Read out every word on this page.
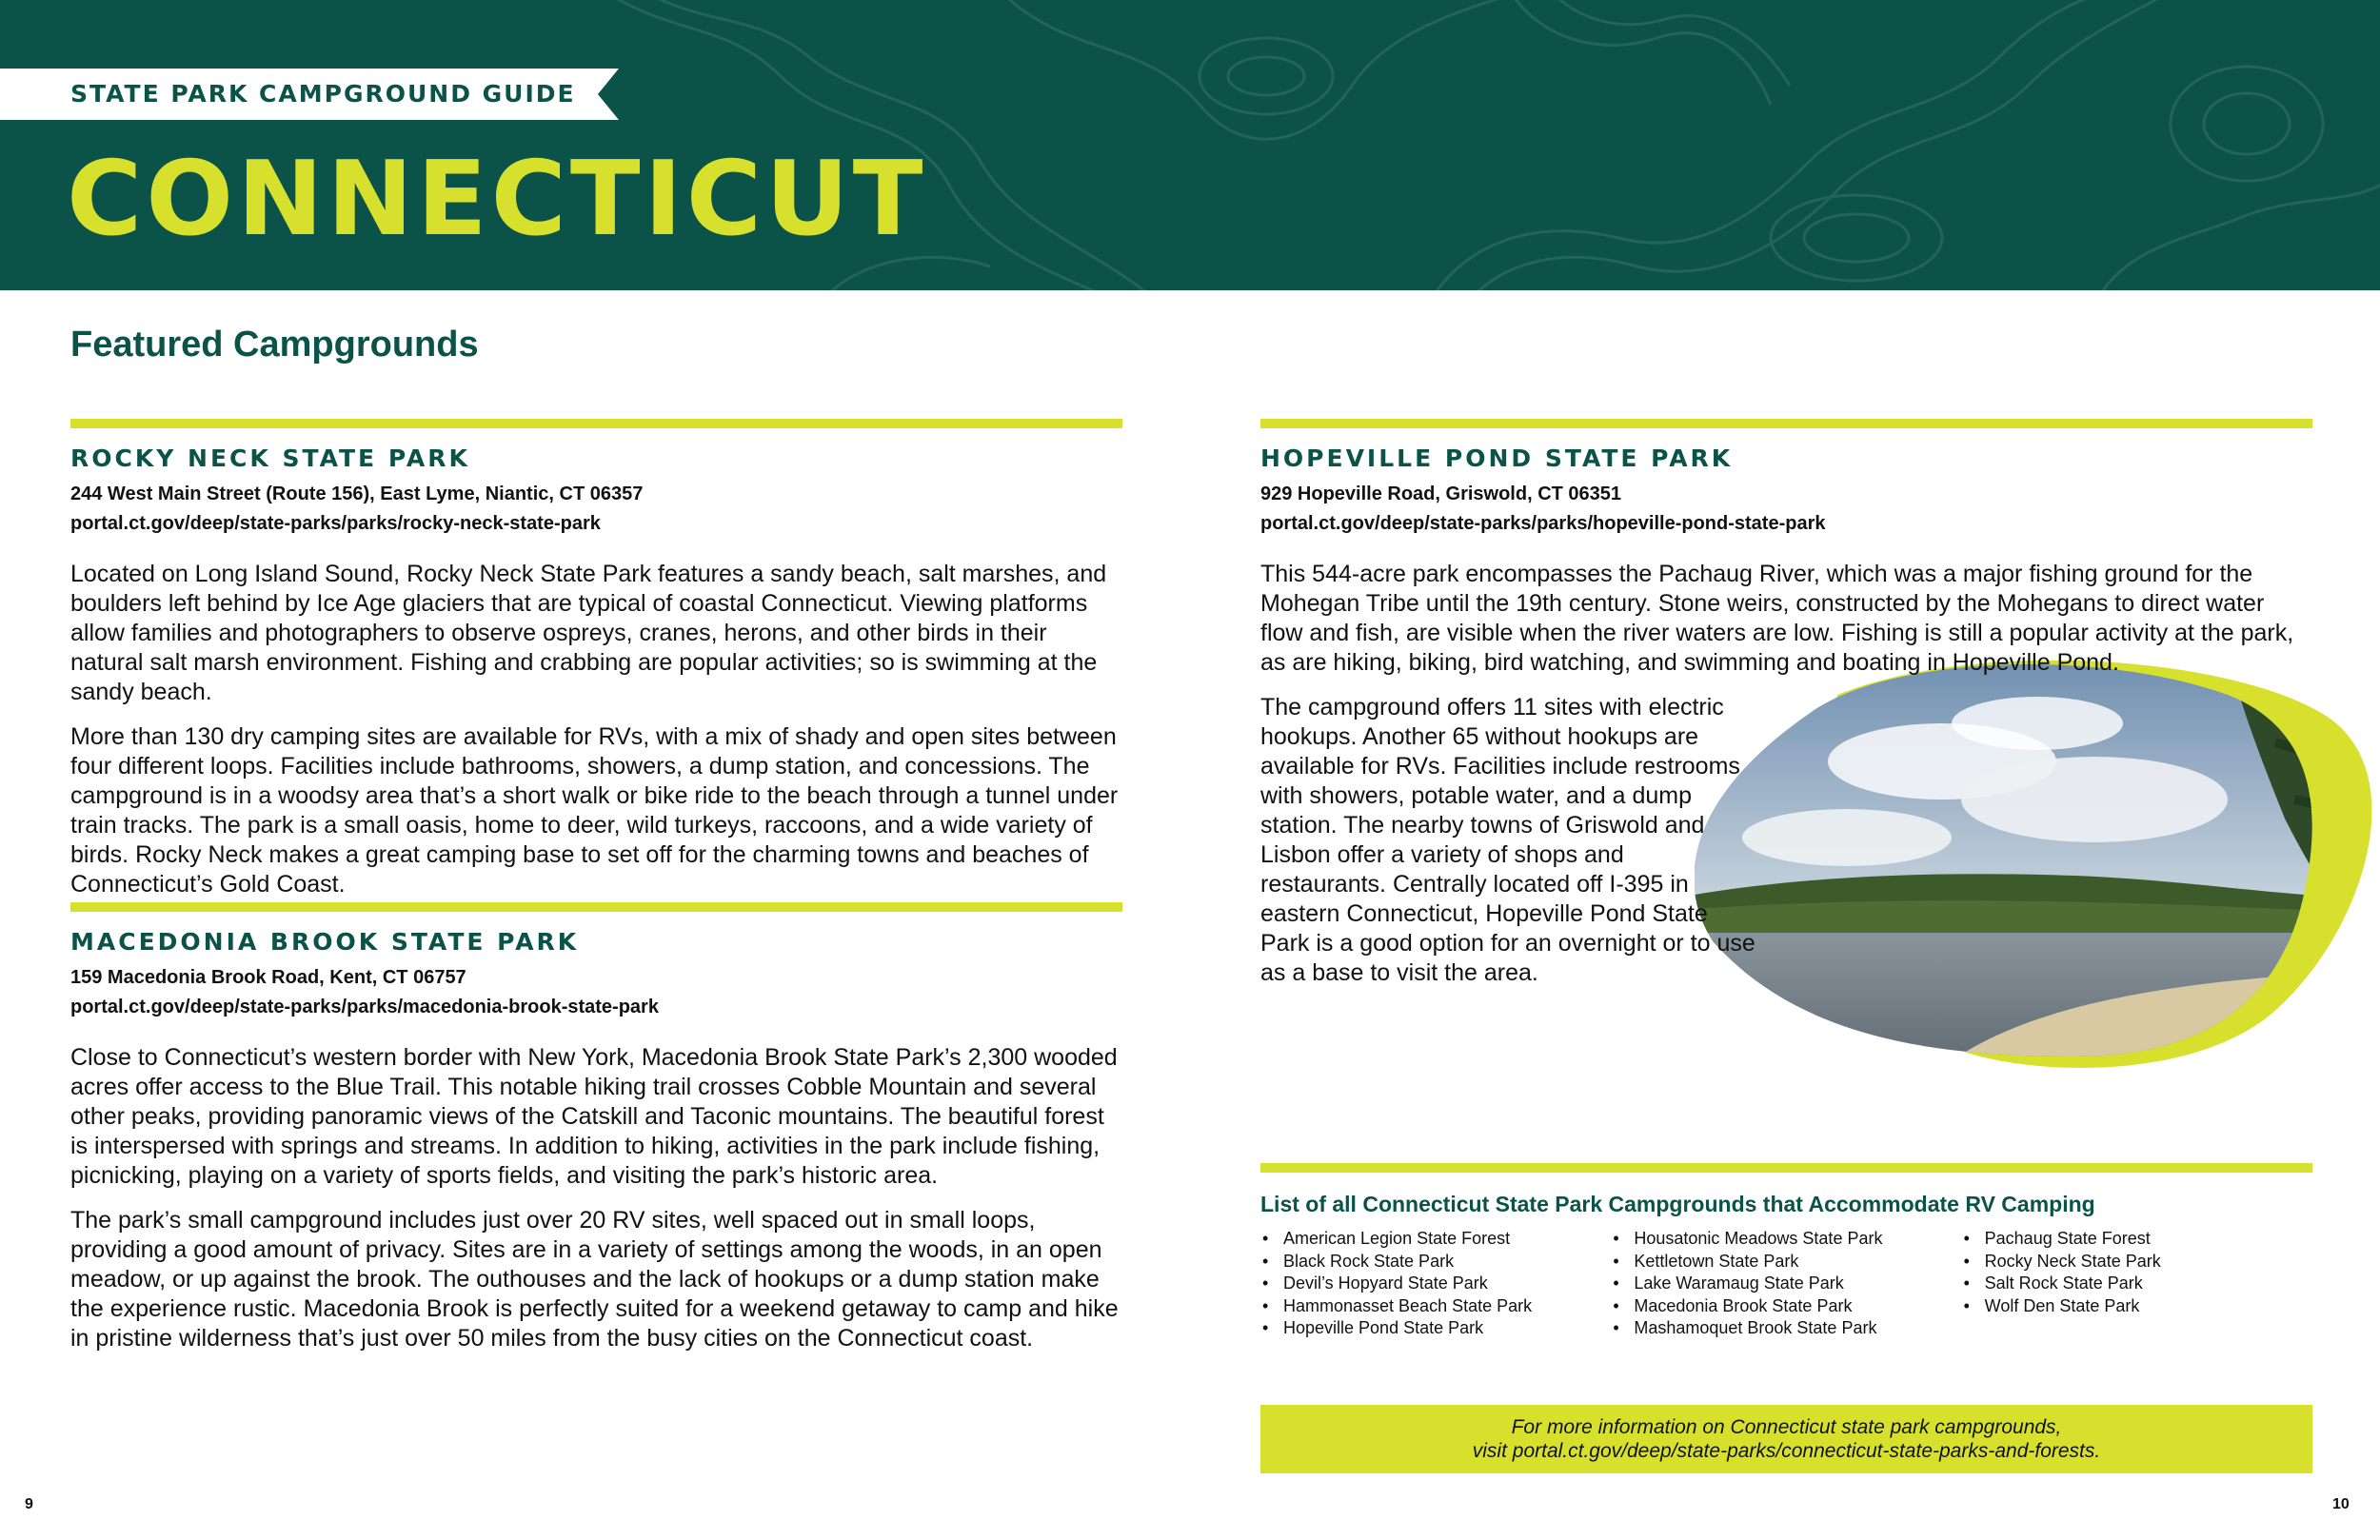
STATE PARK CAMPGROUND GUIDE
CONNECTICUT
Featured Campgrounds
ROCKY NECK STATE PARK
244 West Main Street (Route 156), East Lyme, Niantic, CT 06357
portal.ct.gov/deep/state-parks/parks/rocky-neck-state-park
Located on Long Island Sound, Rocky Neck State Park features a sandy beach, salt marshes, and boulders left behind by Ice Age glaciers that are typical of coastal Connecticut. Viewing platforms allow families and photographers to observe ospreys, cranes, herons, and other birds in their natural salt marsh environment. Fishing and crabbing are popular activities; so is swimming at the sandy beach.
More than 130 dry camping sites are available for RVs, with a mix of shady and open sites between four different loops. Facilities include bathrooms, showers, a dump station, and concessions. The campground is in a woodsy area that’s a short walk or bike ride to the beach through a tunnel under train tracks. The park is a small oasis, home to deer, wild turkeys, raccoons, and a wide variety of birds. Rocky Neck makes a great camping base to set off for the charming towns and beaches of Connecticut’s Gold Coast.
MACEDONIA BROOK STATE PARK
159 Macedonia Brook Road, Kent, CT 06757
portal.ct.gov/deep/state-parks/parks/macedonia-brook-state-park
Close to Connecticut’s western border with New York, Macedonia Brook State Park’s 2,300 wooded acres offer access to the Blue Trail. This notable hiking trail crosses Cobble Mountain and several other peaks, providing panoramic views of the Catskill and Taconic mountains. The beautiful forest is interspersed with springs and streams. In addition to hiking, activities in the park include fishing, picnicking, playing on a variety of sports fields, and visiting the park’s historic area.
The park’s small campground includes just over 20 RV sites, well spaced out in small loops, providing a good amount of privacy. Sites are in a variety of settings among the woods, in an open meadow, or up against the brook. The outhouses and the lack of hookups or a dump station make the experience rustic. Macedonia Brook is perfectly suited for a weekend getaway to camp and hike in pristine wilderness that’s just over 50 miles from the busy cities on the Connecticut coast.
HOPEVILLE POND STATE PARK
929 Hopeville Road, Griswold, CT 06351
portal.ct.gov/deep/state-parks/parks/hopeville-pond-state-park
This 544-acre park encompasses the Pachaug River, which was a major fishing ground for the Mohegan Tribe until the 19th century. Stone weirs, constructed by the Mohegans to direct water flow and fish, are visible when the river waters are low. Fishing is still a popular activity at the park, as are hiking, biking, bird watching, and swimming and boating in Hopeville Pond.
The campground offers 11 sites with electric hookups. Another 65 without hookups are available for RVs. Facilities include restrooms with showers, potable water, and a dump station. The nearby towns of Griswold and Lisbon offer a variety of shops and restaurants. Centrally located off I-395 in eastern Connecticut, Hopeville Pond State Park is a good option for an overnight or to use as a base to visit the area.
List of all Connecticut State Park Campgrounds that Accommodate RV Camping
• American Legion State Forest
• Black Rock State Park
• Devil’s Hopyard State Park
• Hammonasset Beach State Park
• Hopeville Pond State Park
• Housatonic Meadows State Park
• Kettletown State Park
• Lake Waramaug State Park
• Macedonia Brook State Park
• Mashamoquet Brook State Park
• Pachaug State Forest
• Rocky Neck State Park
• Salt Rock State Park
• Wolf Den State Park
For more information on Connecticut state park campgrounds,
visit portal.ct.gov/deep/state-parks/connecticut-state-parks-and-forests.
9	10
